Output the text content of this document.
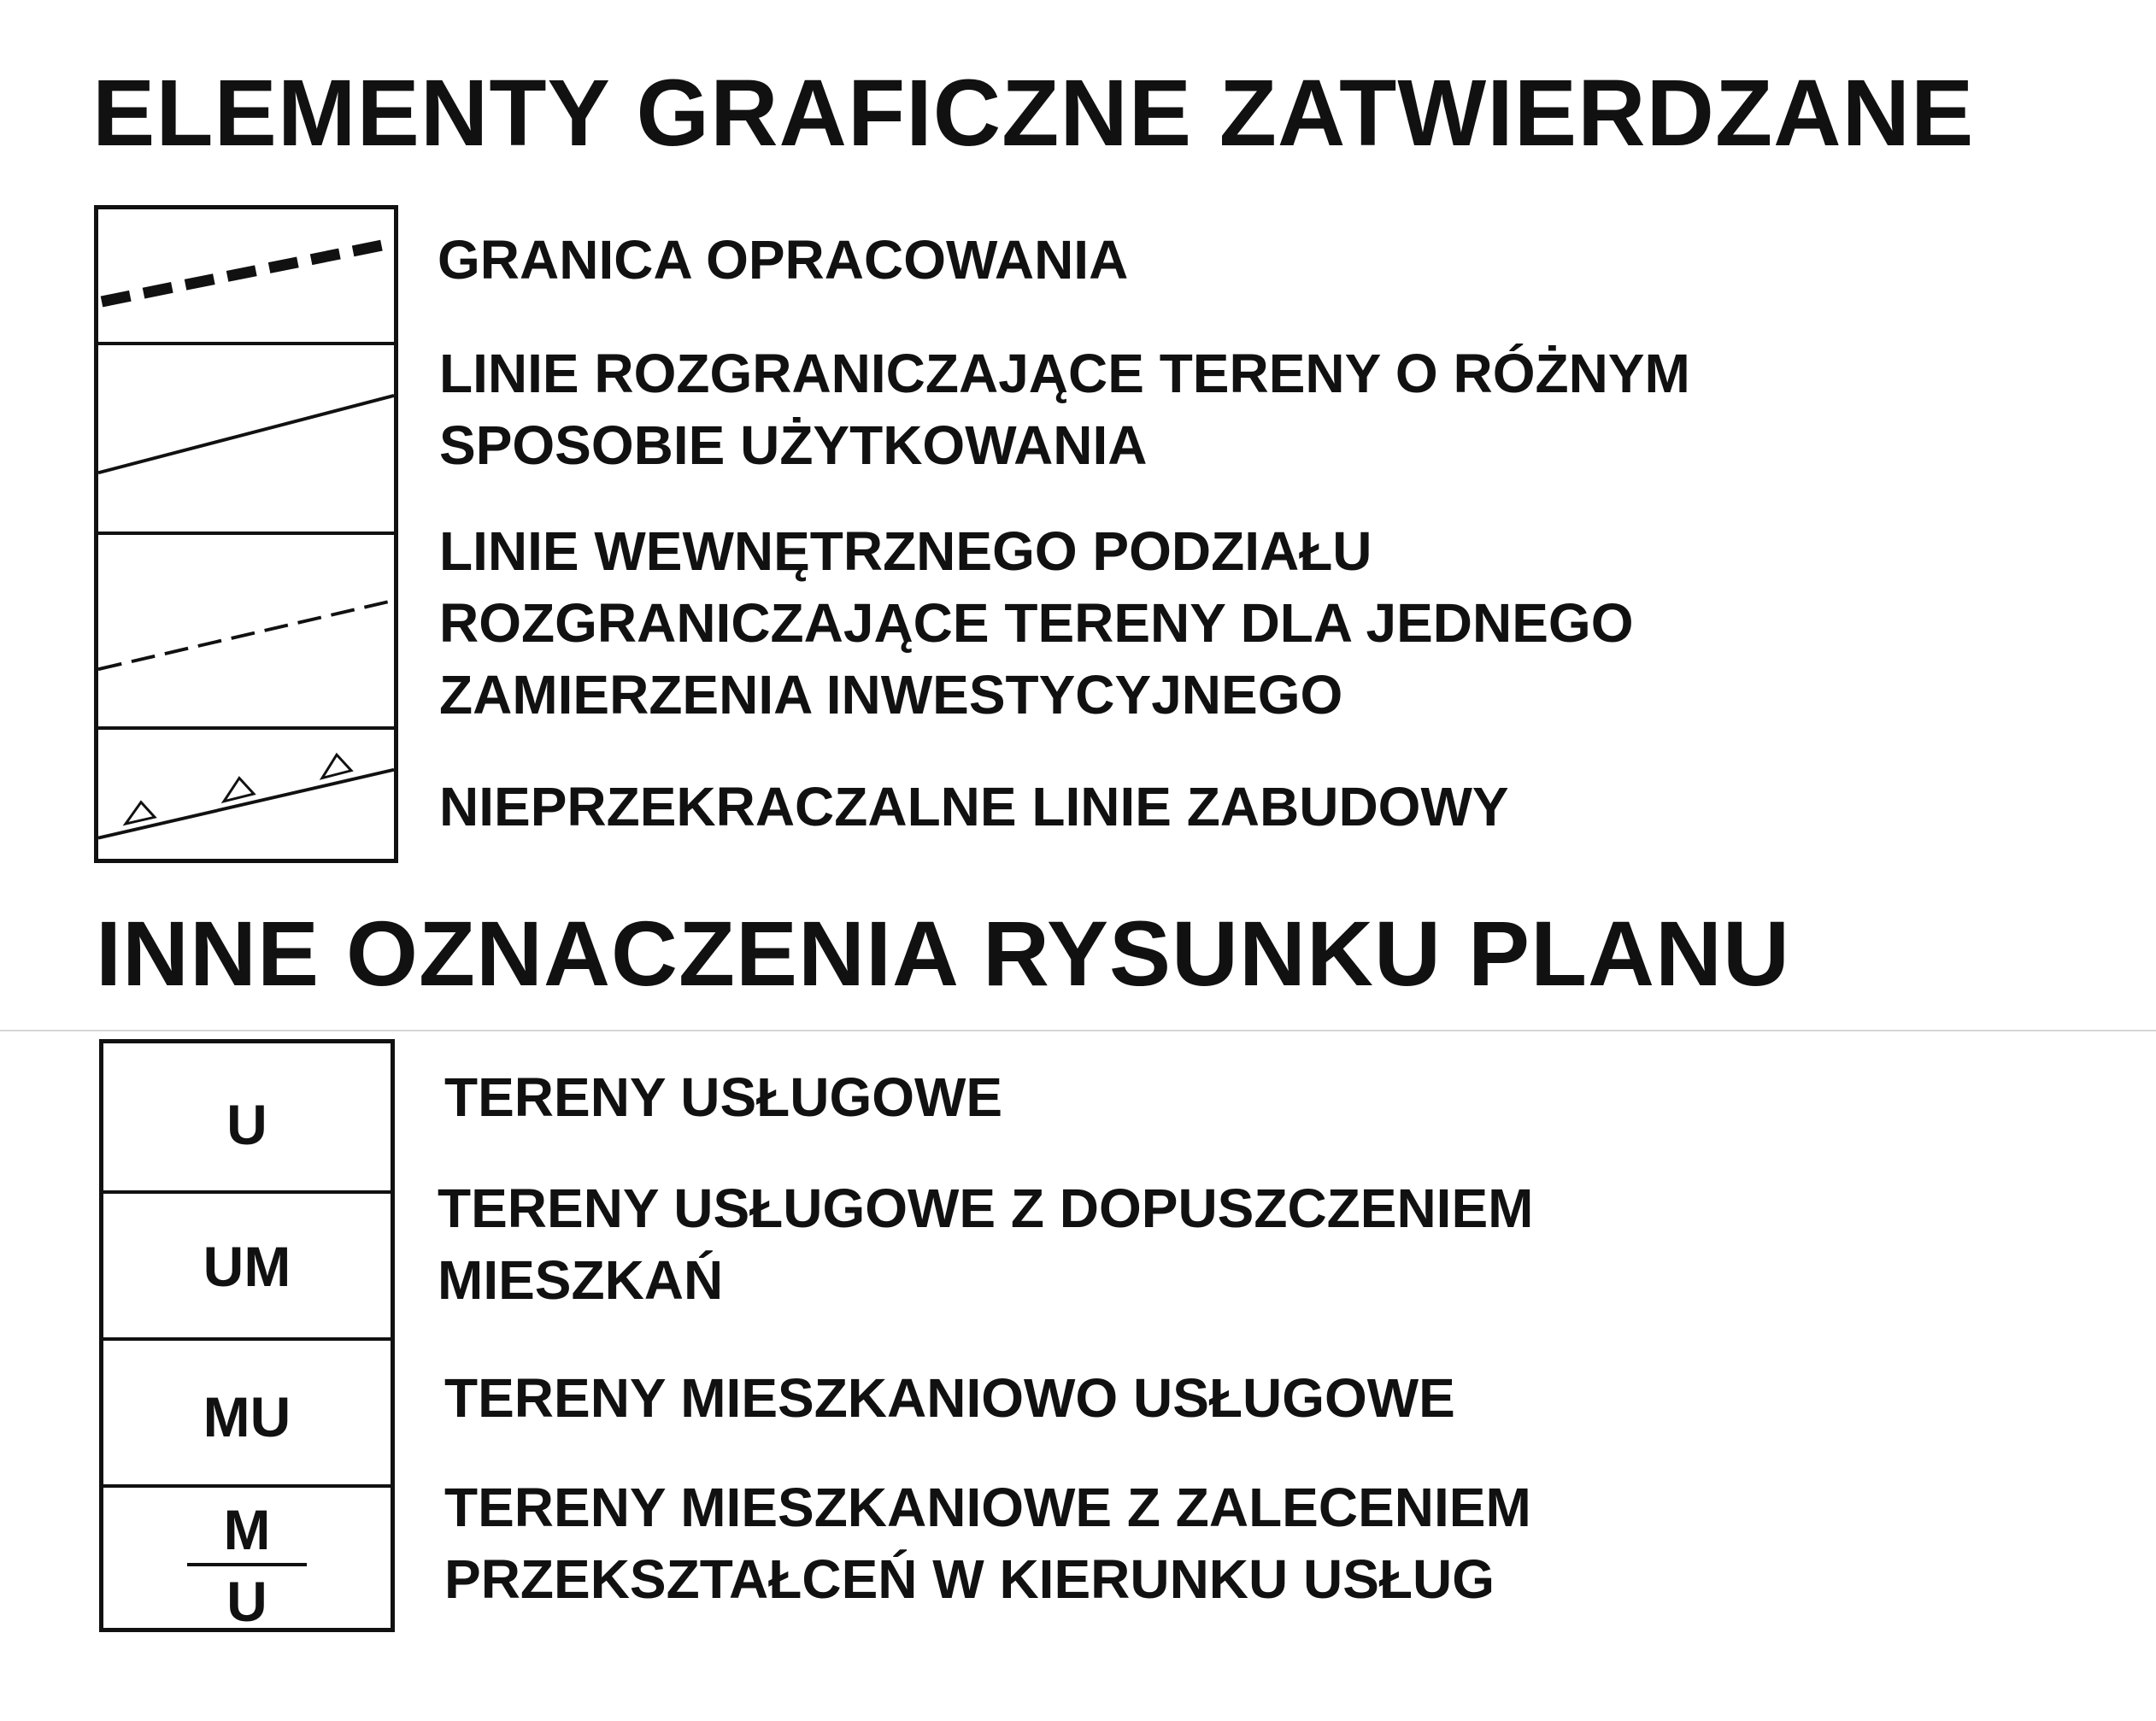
ELEMENTY GRAFICZNE ZATWIERDZANE
GRANICA OPRACOWANIA
LINIE ROZGRANICZAJĄCE TERENY O RÓŻNYM
SPOSOBIE UŻYTKOWANIA
LINIE WEWNĘTRZNEGO PODZIAŁU
ROZGRANICZAJĄCE TERENY DLA JEDNEGO
ZAMIERZENIA INWESTYCYJNEGO
NIEPRZEKRACZALNE LINIE ZABUDOWY
INNE OZNACZENIA RYSUNKU PLANU
U
UM
MU
M
U
TERENY USŁUGOWE
TERENY USŁUGOWE Z DOPUSZCZENIEM
MIESZKAŃ
TERENY MIESZKANIOWO USŁUGOWE
TERENY MIESZKANIOWE Z ZALECENIEM
PRZEKSZTAŁCEŃ W KIERUNKU USŁUG
